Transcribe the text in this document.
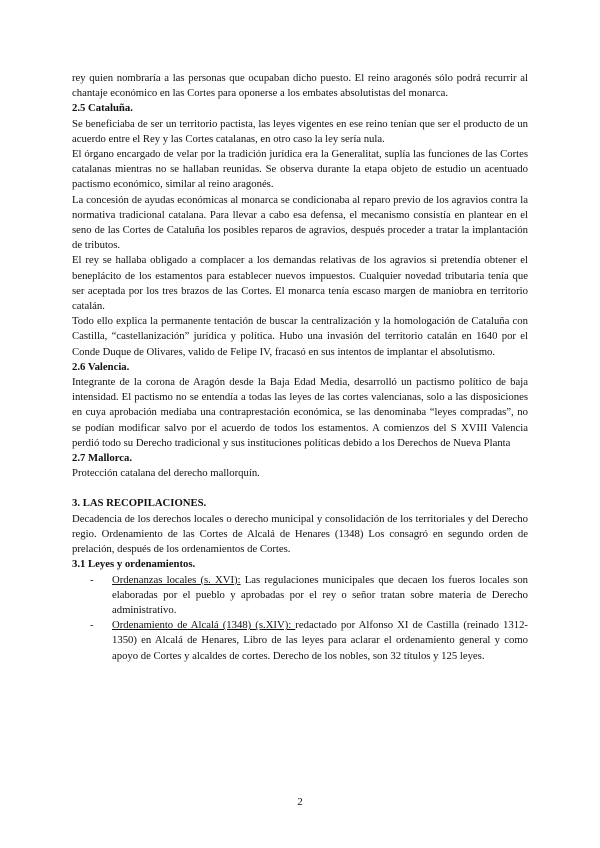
rey quien nombraría a las personas que ocupaban dicho puesto. El reino aragonés sólo podrá recurrir al chantaje económico en las Cortes para oponerse a los embates absolutistas del monarca.

2.5 Cataluña.

Se beneficiaba de ser un territorio pactista, las leyes vigentes en ese reino tenían que ser el producto de un acuerdo entre el Rey y las Cortes catalanas, en otro caso la ley sería nula.

El órgano encargado de velar por la tradición jurídica era la Generalitat, suplía las funciones de las Cortes catalanas mientras no se hallaban reunidas. Se observa durante la etapa objeto de estudio un acentuado pactismo económico, similar al reino aragonés.

La concesión de ayudas económicas al monarca se condicionaba al reparo previo de los agravios contra la normativa tradicional catalana. Para llevar a cabo esa defensa, el mecanismo consistía en plantear en el seno de las Cortes de Cataluña los posibles reparos de agravios, después proceder a tratar la implantación de tributos.

El rey se hallaba obligado a complacer a los demandas relativas de los agravios si pretendía obtener el beneplácito de los estamentos para establecer nuevos impuestos. Cualquier novedad tributaria tenía que ser aceptada por los tres brazos de las Cortes. El monarca tenía escaso margen de maniobra en territorio catalán.

Todo ello explica la permanente tentación de buscar la centralización y la homologación de Cataluña con Castilla, “castellanización” jurídica y política. Hubo una invasión del territorio catalán en 1640 por el Conde Duque de Olivares, valido de Felipe IV, fracasó en sus intentos de implantar el absolutismo.

2.6 Valencia.

Integrante de la corona de Aragón desde la Baja Edad Media, desarrolló un pactismo político de baja intensidad. El pactismo no se entendía a todas las leyes de las cortes valencianas, solo a las disposiciones en cuya aprobación mediaba una contraprestación económica, se las denominaba “leyes compradas”, no se podían modificar salvo por el acuerdo de todos los estamentos. A comienzos del S XVIII Valencia perdió todo su Derecho tradicional y sus instituciones políticas debido a los Derechos de Nueva Planta

2.7 Mallorca.

Protección catalana del derecho mallorquín.

3. LAS RECOPILACIONES.

Decadencia de los derechos locales o derecho municipal y consolidación de los territoriales y del Derecho regio. Ordenamiento de las Cortes de Alcalá de Henares (1348) Los consagró en segundo orden de prelación, después de los ordenamientos de Cortes.

3.1 Leyes y ordenamientos.
- Ordenanzas locales (s. XVI): Las regulaciones municipales que decaen los fueros locales son elaboradas por el pueblo y aprobadas por el rey o señor tratan sobre materia de Derecho administrativo.
- Ordenamiento de Alcalá (1348) (s.XIV): redactado por Alfonso XI de Castilla (reinado 1312-1350) en Alcalá de Henares, Libro de las leyes para aclarar el ordenamiento general y como apoyo de Cortes y alcaldes de cortes. Derecho de los nobles, son 32 títulos y 125 leyes.
2
